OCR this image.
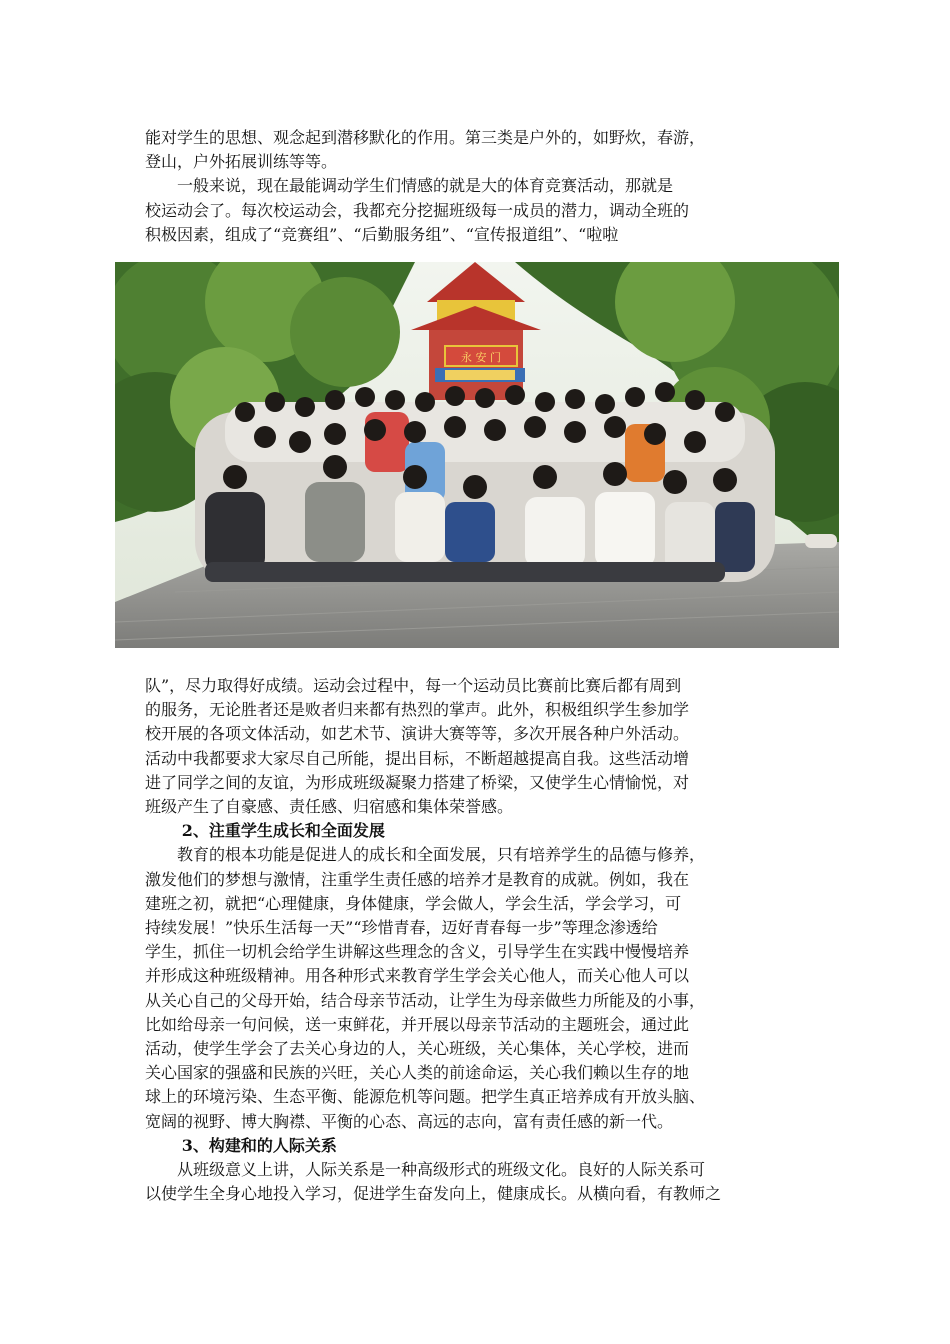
能对学生的思想、观念起到潜移默化的作用。第三类是户外的，如野炊，春游，
登山，户外拓展训练等等。
　　一般来说，现在最能调动学生们情感的就是大的体育竞赛活动，那就是
校运动会了。每次校运动会，我都充分挖掘班级每一成员的潜力，调动全班的
积极因素，组成了“竞赛组”、“后勤服务组”、“宣传报道组”、“啦啦

永 安 门

队”，尽力取得好成绩。运动会过程中，每一个运动员比赛前比赛后都有周到
的服务，无论胜者还是败者归来都有热烈的掌声。此外，积极组织学生参加学
校开展的各项文体活动，如艺术节、演讲大赛等等，多次开展各种户外活动。
活动中我都要求大家尽自己所能，提出目标，不断超越提高自我。这些活动增
进了同学之间的友谊，为形成班级凝聚力搭建了桥梁，又使学生心情愉悦，对
班级产生了自豪感、责任感、归宿感和集体荣誉感。

2、注重学生成长和全面发展

　　教育的根本功能是促进人的成长和全面发展，只有培养学生的品德与修养，
激发他们的梦想与激情，注重学生责任感的培养才是教育的成就。例如，我在
建班之初，就把“心理健康，身体健康，学会做人，学会生活，学会学习，可
持续发展！”快乐生活每一天”“珍惜青春，迈好青春每一步”等理念渗透给
学生，抓住一切机会给学生讲解这些理念的含义，引导学生在实践中慢慢培养
并形成这种班级精神。用各种形式来教育学生学会关心他人，而关心他人可以
从关心自己的父母开始，结合母亲节活动，让学生为母亲做些力所能及的小事，
比如给母亲一句问候，送一束鲜花，并开展以母亲节活动的主题班会，通过此
活动，使学生学会了去关心身边的人，关心班级，关心集体，关心学校，进而
关心国家的强盛和民族的兴旺，关心人类的前途命运，关心我们赖以生存的地
球上的环境污染、生态平衡、能源危机等问题。把学生真正培养成有开放头脑、
宽阔的视野、博大胸襟、平衡的心态、高远的志向，富有责任感的新一代。

3、构建和的人际关系

　　从班级意义上讲，人际关系是一种高级形式的班级文化。良好的人际关系可
以使学生全身心地投入学习，促进学生奋发向上，健康成长。从横向看，有教师之
